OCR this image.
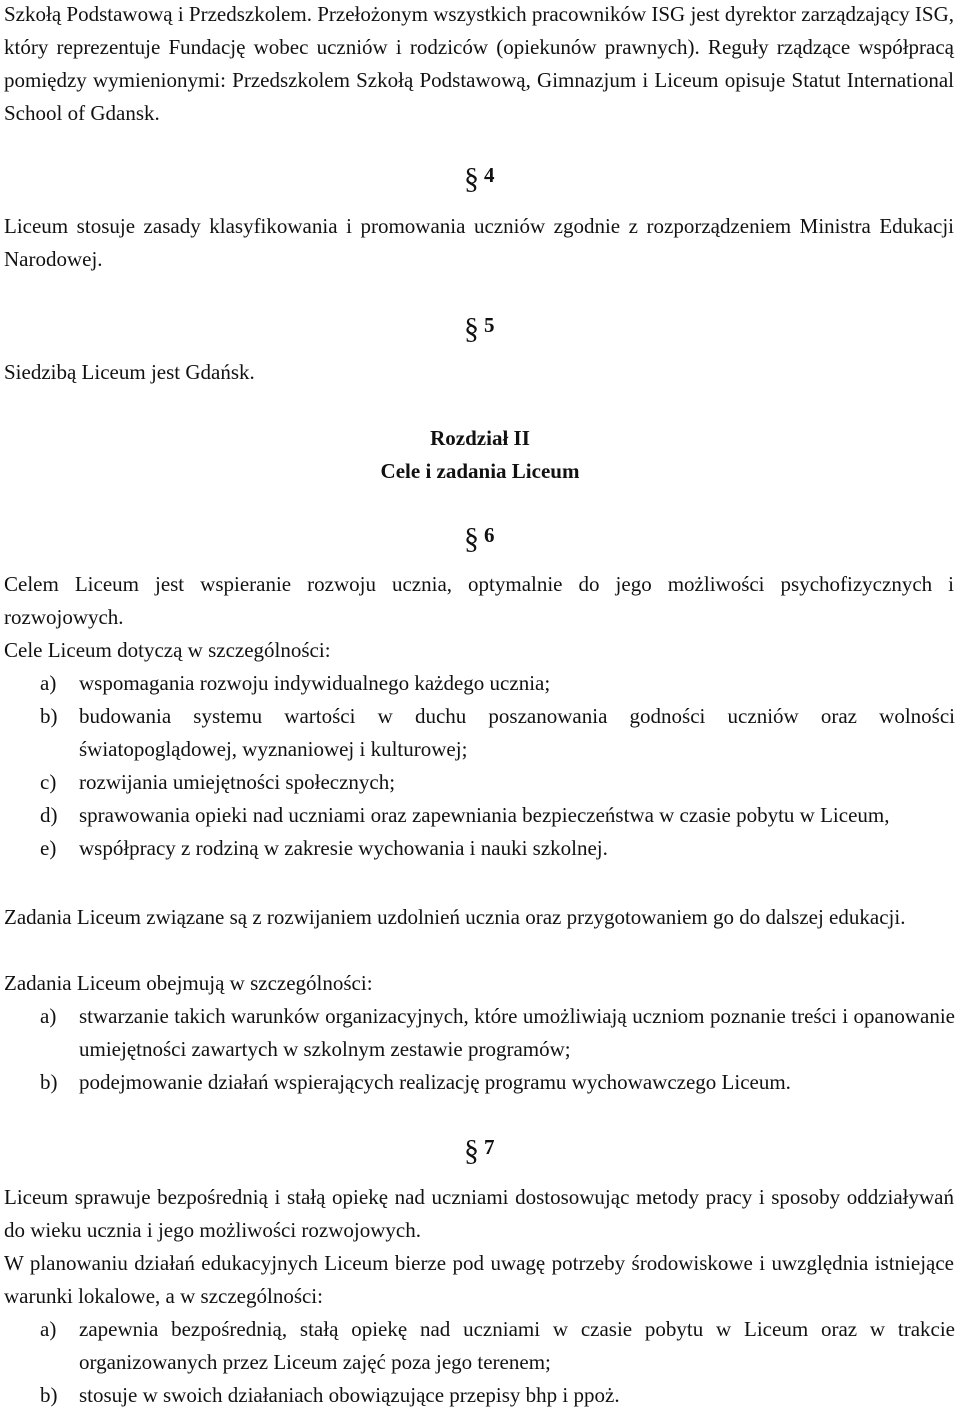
Szkołą Podstawową i Przedszkolem. Przełożonym wszystkich pracowników ISG jest dyrektor zarządzający ISG, który reprezentuje Fundację wobec uczniów i rodziców (opiekunów prawnych). Reguły rządzące współpracą pomiędzy wymienionymi: Przedszkolem Szkołą Podstawową, Gimnazjum i Liceum opisuje Statut International School of Gdansk.
§ 4
Liceum stosuje zasady klasyfikowania i promowania uczniów zgodnie z rozporządzeniem Ministra Edukacji Narodowej.
§ 5
Siedzibą Liceum jest Gdańsk.
Rozdział II
Cele i zadania Liceum
§ 6
Celem Liceum jest wspieranie rozwoju ucznia, optymalnie do jego możliwości psychofizycznych i rozwojowych.
Cele Liceum dotyczą w szczególności:
a) wspomagania rozwoju indywidualnego każdego ucznia;
b) budowania systemu wartości w duchu poszanowania godności uczniów oraz wolności światopoglądowej, wyznaniowej i kulturowej;
c) rozwijania umiejętności społecznych;
d) sprawowania opieki nad uczniami oraz zapewniania bezpieczeństwa w czasie pobytu w Liceum,
e) współpracy z rodziną w zakresie wychowania i nauki szkolnej.
Zadania Liceum związane są z rozwijaniem uzdolnień ucznia oraz przygotowaniem go do dalszej edukacji.
Zadania Liceum obejmują w szczególności:
a) stwarzanie takich warunków organizacyjnych, które umożliwiają uczniom poznanie treści i opanowanie umiejętności zawartych w szkolnym zestawie programów;
b) podejmowanie działań wspierających realizację programu wychowawczego Liceum.
§ 7
Liceum sprawuje bezpośrednią i stałą opiekę nad uczniami dostosowując metody pracy i sposoby oddziaływań do wieku ucznia i jego możliwości rozwojowych.
W planowaniu działań edukacyjnych Liceum bierze pod uwagę potrzeby środowiskowe i uwzględnia istniejące warunki lokalowe, a w szczególności:
a) zapewnia bezpośrednią, stałą opiekę nad uczniami w czasie pobytu w Liceum oraz w trakcie organizowanych przez Liceum zajęć poza jego terenem;
b) stosuje w swoich działaniach obowiązujące przepisy bhp i ppoż.
